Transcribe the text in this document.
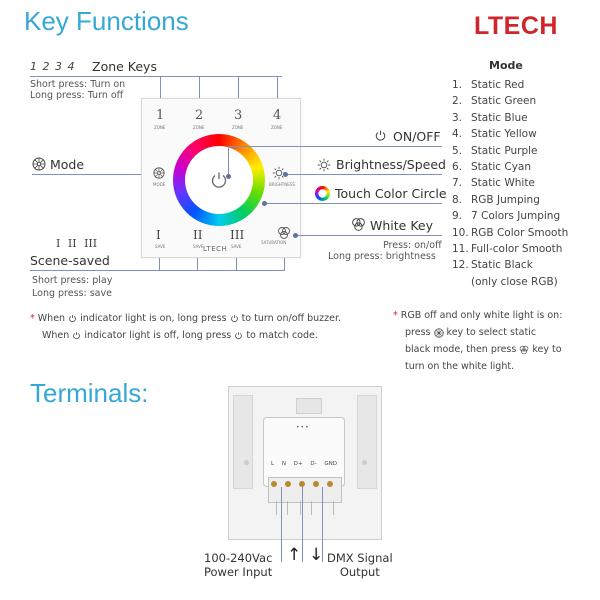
Key Functions	LTECH
1 2 3 4 Zone Keys
Short press: Turn on
Long press: Turn off
Mode
I II III
Scene-saved
Short press: play
Long press: save
1 2 3 4
ZONE	ZONE	ZONE	ZONE
MODE	BRIGHTNESS
I	II III
SAVE	SAVE	SAVE
SATURATION
LTECH
ON/OFF
Brightness/Speed
Touch Color Circle
White Key
Press: on/off
Long press: brightness
Mode
1. Static Red
2. Static Green
3. Static Blue
4. Static Yellow
5. Static Purple
6. Static Cyan
7. Static White
8. RGB Jumping
9. 7 Colors Jumping
10. RGB Color Smooth
11. Full-color Smooth
12. Static Black
(only close RGB)
* When indicator light is on, long press to turn on/off buzzer.
When indicator light is off, long press to match code.
* RGB off and only white light is on:
press key to select static
black mode, then press key to
turn on the white light.
Terminals:
•••
L N D+ D- GND
100-240Vac
Power Input
↑ ↓ DMX Signal
Output
